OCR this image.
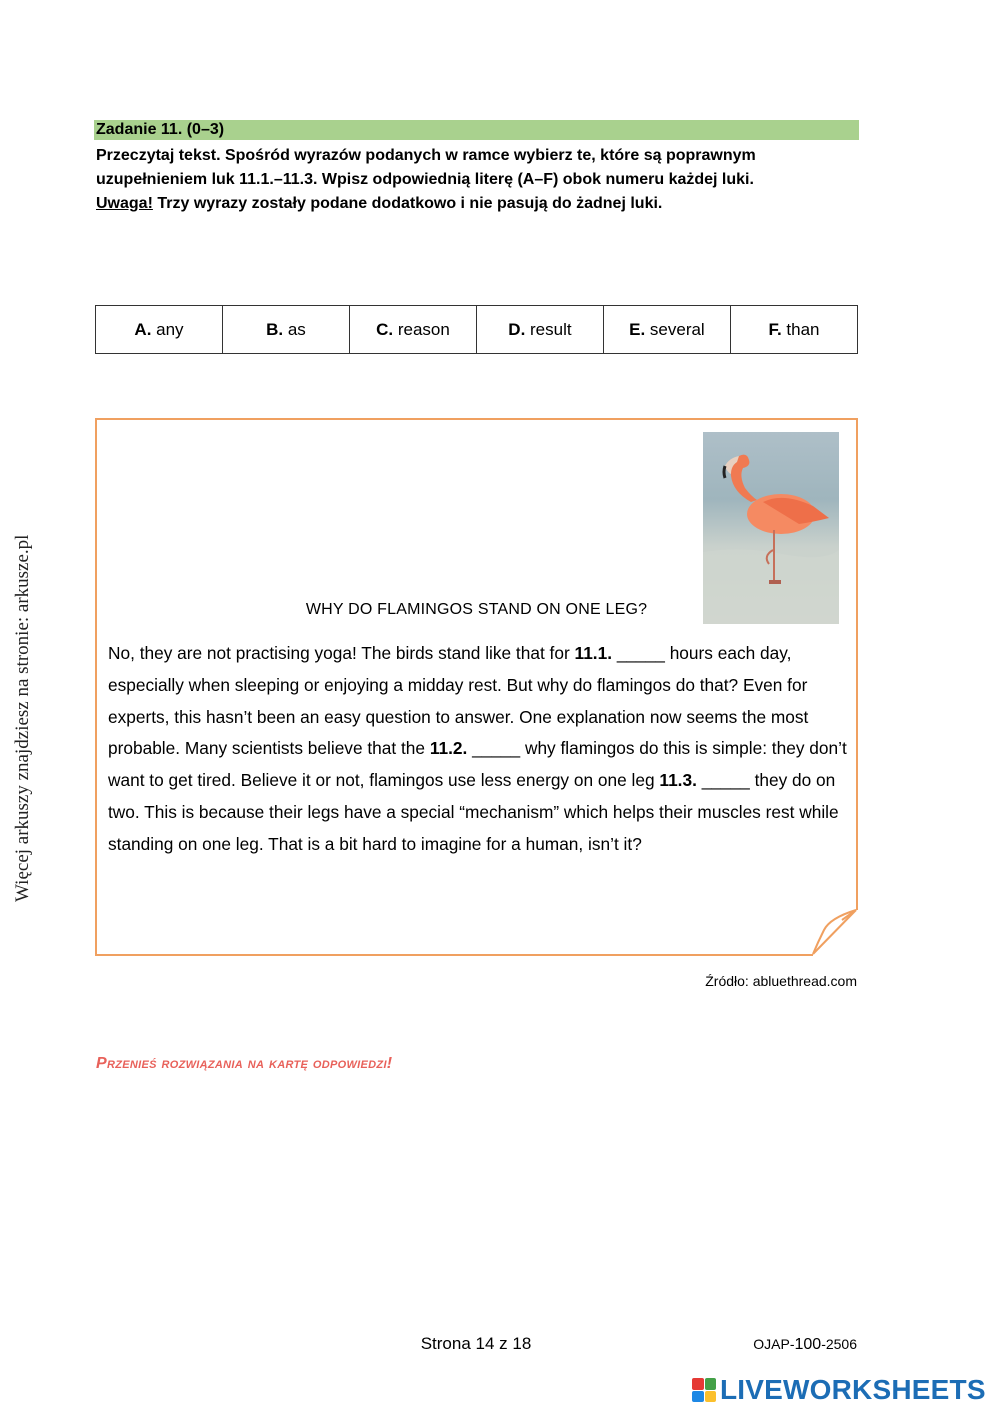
Więcej arkuszy znajdziesz na stronie: arkusze.pl
Zadanie 11. (0–3)
Przeczytaj tekst. Spośród wyrazów podanych w ramce wybierz te, które są poprawnym uzupełnieniem luk 11.1.–11.3. Wpisz odpowiednią literę (A–F) obok numeru każdej luki.
Uwaga! Trzy wyrazy zostały podane dodatkowo i nie pasują do żadnej luki.
A. any	B. as	C. reason	D. result	E. several	F. than
WHY DO FLAMINGOS STAND ON ONE LEG?
No, they are not practising yoga! The birds stand like that for 11.1. _____ hours each day, especially when sleeping or enjoying a midday rest. But why do flamingos do that? Even for experts, this hasn’t been an easy question to answer. One explanation now seems the most probable. Many scientists believe that the 11.2. _____ why flamingos do this is simple: they don’t want to get tired. Believe it or not, flamingos use less energy on one leg 11.3. _____ they do on two. This is because their legs have a special “mechanism” which helps their muscles rest while standing on one leg. That is a bit hard to imagine for a human, isn’t it?
Źródło: abluethread.com
Przenieś rozwiązania na kartę odpowiedzi!
Strona 14 z 18	OJAP-100-2506
LIVEWORKSHEETS
